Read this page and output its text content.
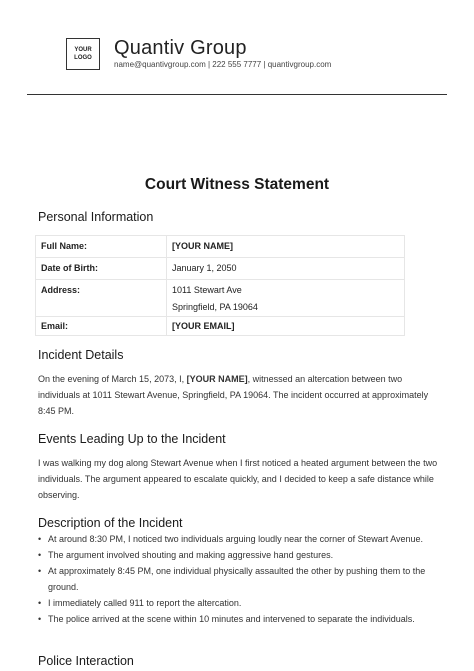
YOUR
LOGO Quantiv Group
name@quantivgroup.com | 222 555 7777 | quantivgroup.com
Court Witness Statement
Personal Information
Full Name:	[YOUR NAME]
Date of Birth:	January 1, 2050
Address:	1011 Stewart Ave
Springfield, PA 19064

Email:	[YOUR EMAIL]
Incident Details

On the evening of March 15, 2073, I, [YOUR NAME], witnessed an altercation between two individuals at 1011 Stewart Avenue, Springfield, PA 19064. The incident occurred at approximately 8:45 PM.

Events Leading Up to the Incident

I was walking my dog along Stewart Avenue when I first noticed a heated argument between the two individuals. The argument appeared to escalate quickly, and I decided to keep a safe distance while observing.

Description of the Incident
• At around 8:30 PM, I noticed two individuals arguing loudly near the corner of Stewart Avenue.
• The argument involved shouting and making aggressive hand gestures.
• At approximately 8:45 PM, one individual physically assaulted the other by pushing them to the ground.
• I immediately called 911 to report the altercation.
• The police arrived at the scene within 10 minutes and intervened to separate the individuals.
Police Interaction
